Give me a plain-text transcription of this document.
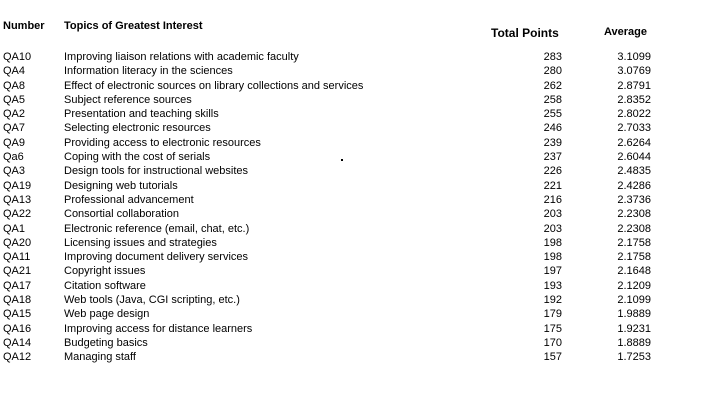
Number Topics of Greatest Interest	Total Points	Average
QA10	Improving liaison relations with academic faculty	283	3.1099
QA4	Information literacy in the sciences	280	3.0769
QA8	Effect of electronic sources on library collections and services	262	2.8791
QA5	Subject reference sources	258	2.8352
QA2	Presentation and teaching skills	255	2.8022
QA7	Selecting electronic resources	246	2.7033
QA9	Providing access to electronic resources	239	2.6264
Qa6	Coping with the cost of serials	237	2.6044
QA3	Design tools for instructional websites	226	2.4835
QA19	Designing web tutorials	221	2.4286
QA13	Professional advancement	216	2.3736
QA22	Consortial collaboration	203	2.2308
QA1	Electronic reference (email, chat, etc.)	203	2.2308
QA20	Licensing issues and strategies	198	2.1758
QA11	Improving document delivery services	198	2.1758
QA21	Copyright issues	197	2.1648
QA17	Citation software	193	2.1209
QA18	Web tools (Java, CGI scripting, etc.)	192	2.1099
QA15	Web page design	179	1.9889
QA16	Improving access for distance learners	175	1.9231
QA14	Budgeting basics	170	1.8889
QA12	Managing staff	157	1.7253
